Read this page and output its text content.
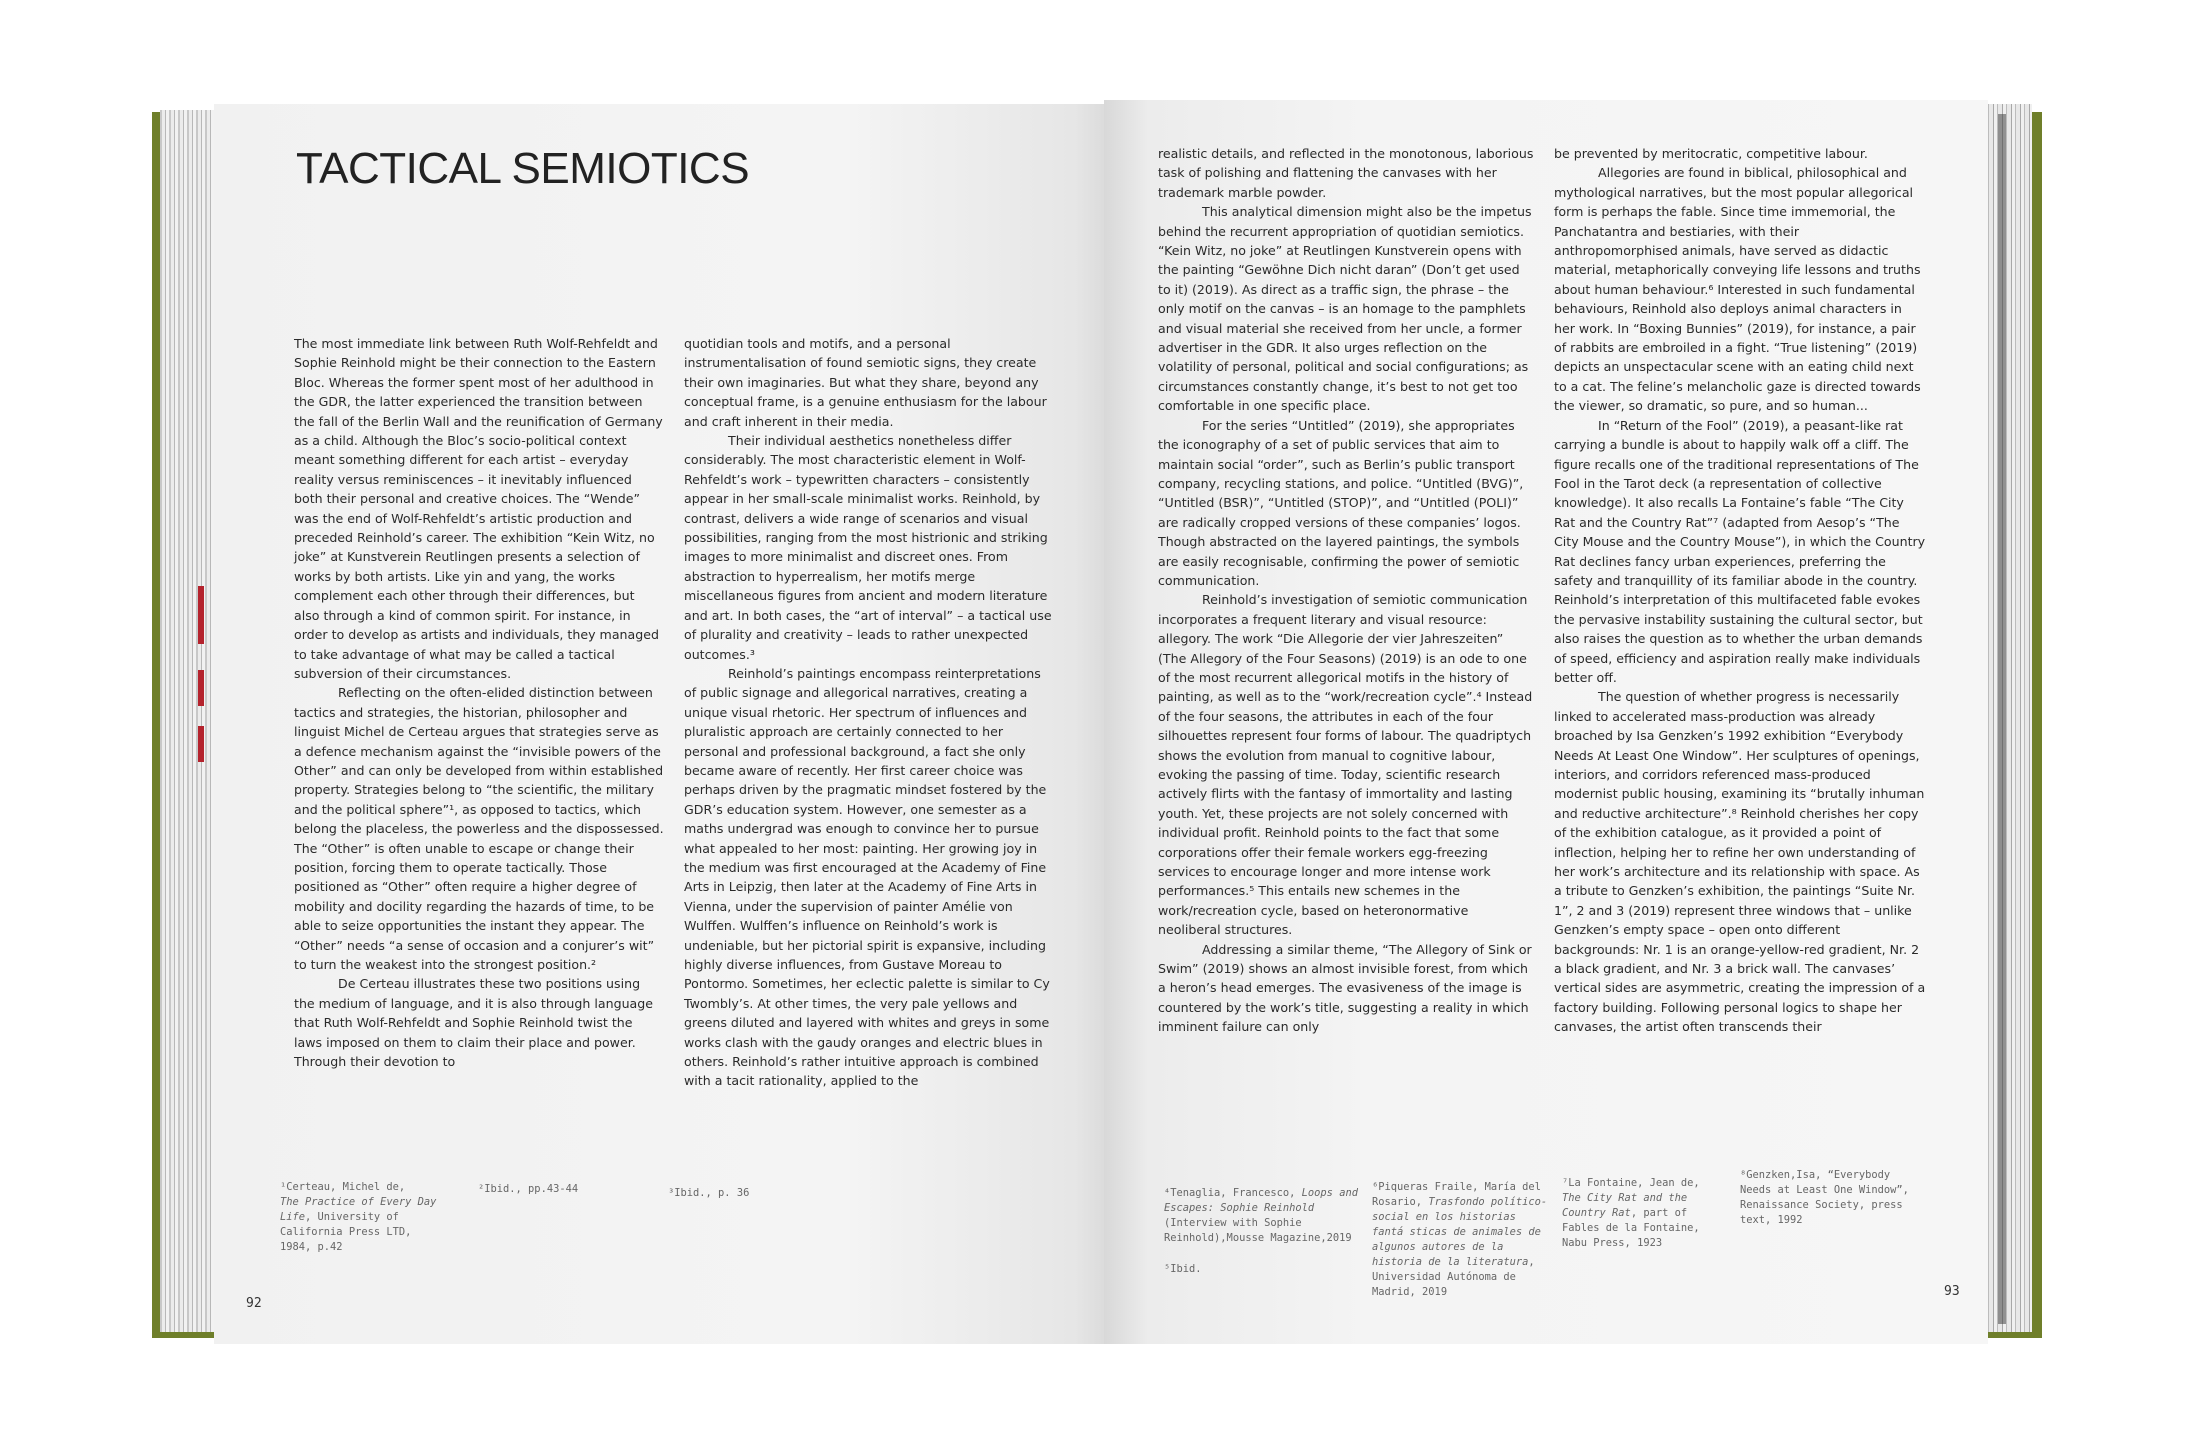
TACTICAL SEMIOTICS

The most immediate link between Ruth Wolf-Rehfeldt and Sophie Reinhold might be their connection to the Eastern Bloc. Whereas the former spent most of her adulthood in the GDR, the latter experienced the transition between the fall of the Berlin Wall and the reunification of Germany as a child. Although the Bloc’s socio-political context meant something different for each artist – everyday reality versus reminiscences – it inevitably influenced both their personal and creative choices. The “Wende” was the end of Wolf-Rehfeldt’s artistic production and preceded Reinhold’s career. The exhibition “Kein Witz, no joke” at Kunstverein Reutlingen presents a selection of works by both artists. Like yin and yang, the works complement each other through their differences, but also through a kind of common spirit. For instance, in order to develop as artists and individuals, they managed to take advantage of what may be called a tactical subversion of their circumstances.

Reflecting on the often-elided distinction between tactics and strategies, the historian, philosopher and linguist Michel de Certeau argues that strategies serve as a defence mechanism against the “invisible powers of the Other” and can only be developed from within established property. Strategies belong to “the scientific, the military and the political sphere”¹, as opposed to tactics, which belong the placeless, the powerless and the dispossessed. The “Other” is often unable to escape or change their position, forcing them to operate tactically. Those positioned as “Other” often require a higher degree of mobility and docility regarding the hazards of time, to be able to seize opportunities the instant they appear. The “Other” needs “a sense of occasion and a conjurer’s wit” to turn the weakest into the strongest position.²

De Certeau illustrates these two positions using the medium of language, and it is also through language that Ruth Wolf-Rehfeldt and Sophie Reinhold twist the laws imposed on them to claim their place and power. Through their devotion to

quotidian tools and motifs, and a personal instrumentalisation of found semiotic signs, they create their own imaginaries. But what they share, beyond any conceptual frame, is a genuine enthusiasm for the labour and craft inherent in their media.

Their individual aesthetics nonetheless differ considerably. The most characteristic element in Wolf-Rehfeldt’s work – typewritten characters – consistently appear in her small-scale minimalist works. Reinhold, by contrast, delivers a wide range of scenarios and visual possibilities, ranging from the most histrionic and striking images to more minimalist and discreet ones. From abstraction to hyperrealism, her motifs merge miscellaneous figures from ancient and modern literature and art. In both cases, the “art of interval” – a tactical use of plurality and creativity – leads to rather unexpected outcomes.³

Reinhold’s paintings encompass reinterpretations of public signage and allegorical narratives, creating a unique visual rhetoric. Her spectrum of influences and pluralistic approach are certainly connected to her personal and professional background, a fact she only became aware of recently. Her first career choice was perhaps driven by the pragmatic mindset fostered by the GDR’s education system. However, one semester as a maths undergrad was enough to convince her to pursue what appealed to her most: painting. Her growing joy in the medium was first encouraged at the Academy of Fine Arts in Leipzig, then later at the Academy of Fine Arts in Vienna, under the supervision of painter Amélie von Wulffen. Wulffen’s influence on Reinhold’s work is undeniable, but her pictorial spirit is expansive, including highly diverse influences, from Gustave Moreau to Pontormo. Sometimes, her eclectic palette is similar to Cy Twombly’s. At other times, the very pale yellows and greens diluted and layered with whites and greys in some works clash with the gaudy oranges and electric blues in others. Reinhold’s rather intuitive approach is combined with a tacit rationality, applied to the

realistic details, and reflected in the monotonous, laborious task of polishing and flattening the canvases with her trademark marble powder.

This analytical dimension might also be the impetus behind the recurrent appropriation of quotidian semiotics. “Kein Witz, no joke” at Reutlingen Kunstverein opens with the painting “Gewöhne Dich nicht daran” (Don’t get used to it) (2019). As direct as a traffic sign, the phrase – the only motif on the canvas – is an homage to the pamphlets and visual material she received from her uncle, a former advertiser in the GDR. It also urges reflection on the volatility of personal, political and social configurations; as circumstances constantly change, it’s best to not get too comfortable in one specific place.

For the series “Untitled” (2019), she appropriates the iconography of a set of public services that aim to maintain social “order”, such as Berlin’s public transport company, recycling stations, and police. “Untitled (BVG)”, “Untitled (BSR)”, “Untitled (STOP)”, and “Untitled (POLI)” are radically cropped versions of these companies’ logos. Though abstracted on the layered paintings, the symbols are easily recognisable, confirming the power of semiotic communication.

Reinhold’s investigation of semiotic communication incorporates a frequent literary and visual resource: allegory. The work “Die Allegorie der vier Jahreszeiten” (The Allegory of the Four Seasons) (2019) is an ode to one of the most recurrent allegorical motifs in the history of painting, as well as to the “work/recreation cycle”.⁴ Instead of the four seasons, the attributes in each of the four silhouettes represent four forms of labour. The quadriptych shows the evolution from manual to cognitive labour, evoking the passing of time. Today, scientific research actively flirts with the fantasy of immortality and lasting youth. Yet, these projects are not solely concerned with individual profit. Reinhold points to the fact that some corporations offer their female workers egg-freezing services to encourage longer and more intense work performances.⁵ This entails new schemes in the work/recreation cycle, based on heteronormative neoliberal structures.

Addressing a similar theme, “The Allegory of Sink or Swim” (2019) shows an almost invisible forest, from which a heron’s head emerges. The evasiveness of the image is countered by the work’s title, suggesting a reality in which imminent failure can only

be prevented by meritocratic, competitive labour.

Allegories are found in biblical, philosophical and mythological narratives, but the most popular allegorical form is perhaps the fable. Since time immemorial, the Panchatantra and bestiaries, with their anthropomorphised animals, have served as didactic material, metaphorically conveying life lessons and truths about human behaviour.⁶ Interested in such fundamental behaviours, Reinhold also deploys animal characters in her work. In “Boxing Bunnies” (2019), for instance, a pair of rabbits are embroiled in a fight. “True listening” (2019) depicts an unspectacular scene with an eating child next to a cat. The feline’s melancholic gaze is directed towards the viewer, so dramatic, so pure, and so human...

In “Return of the Fool” (2019), a peasant-like rat carrying a bundle is about to happily walk off a cliff. The figure recalls one of the traditional representations of The Fool in the Tarot deck (a representation of collective knowledge). It also recalls La Fontaine’s fable “The City Rat and the Country Rat”⁷ (adapted from Aesop’s “The City Mouse and the Country Mouse”), in which the Country Rat declines fancy urban experiences, preferring the safety and tranquillity of its familiar abode in the country. Reinhold’s interpretation of this multifaceted fable evokes the pervasive instability sustaining the cultural sector, but also raises the question as to whether the urban demands of speed, efficiency and aspiration really make individuals better off.

The question of whether progress is necessarily linked to accelerated mass-production was already broached by Isa Genzken’s 1992 exhibition “Everybody Needs At Least One Window”. Her sculptures of openings, interiors, and corridors referenced mass-produced modernist public housing, examining its “brutally inhuman and reductive architecture”.⁸ Reinhold cherishes her copy of the exhibition catalogue, as it provided a point of inflection, helping her to refine her own understanding of her work’s architecture and its relationship with space. As a tribute to Genzken’s exhibition, the paintings “Suite Nr. 1”, 2 and 3 (2019) represent three windows that – unlike Genzken’s empty space – open onto different backgrounds: Nr. 1 is an orange-yellow-red gradient, Nr. 2 a black gradient, and Nr. 3 a brick wall. The canvases’ vertical sides are asymmetric, creating the impression of a factory building. Following personal logics to shape her canvases, the artist often transcends their

¹Certeau, Michel de,
The Practice of Every Day Life, University of California Press LTD, 1984, p.42
²Ibid., pp.43-44	³Ibid., p. 36	⁴Tenaglia, Francesco, Loops and Escapes: Sophie Reinhold (Interview with Sophie Reinhold),Mousse Magazine,2019
⁵Ibid.
⁶Piqueras Fraile, María del Rosario, Trasfondo político-social en los historias fantá sticas de animales de algunos autores de la historia de la literatura, Universidad Autónoma de Madrid, 2019
⁷La Fontaine, Jean de, The City Rat and the Country Rat, part of Fables de la Fontaine, Nabu Press, 1923
⁸Genzken,Isa, “Everybody Needs at Least One Window”, Renaissance Society, press text, 1992
92
93
